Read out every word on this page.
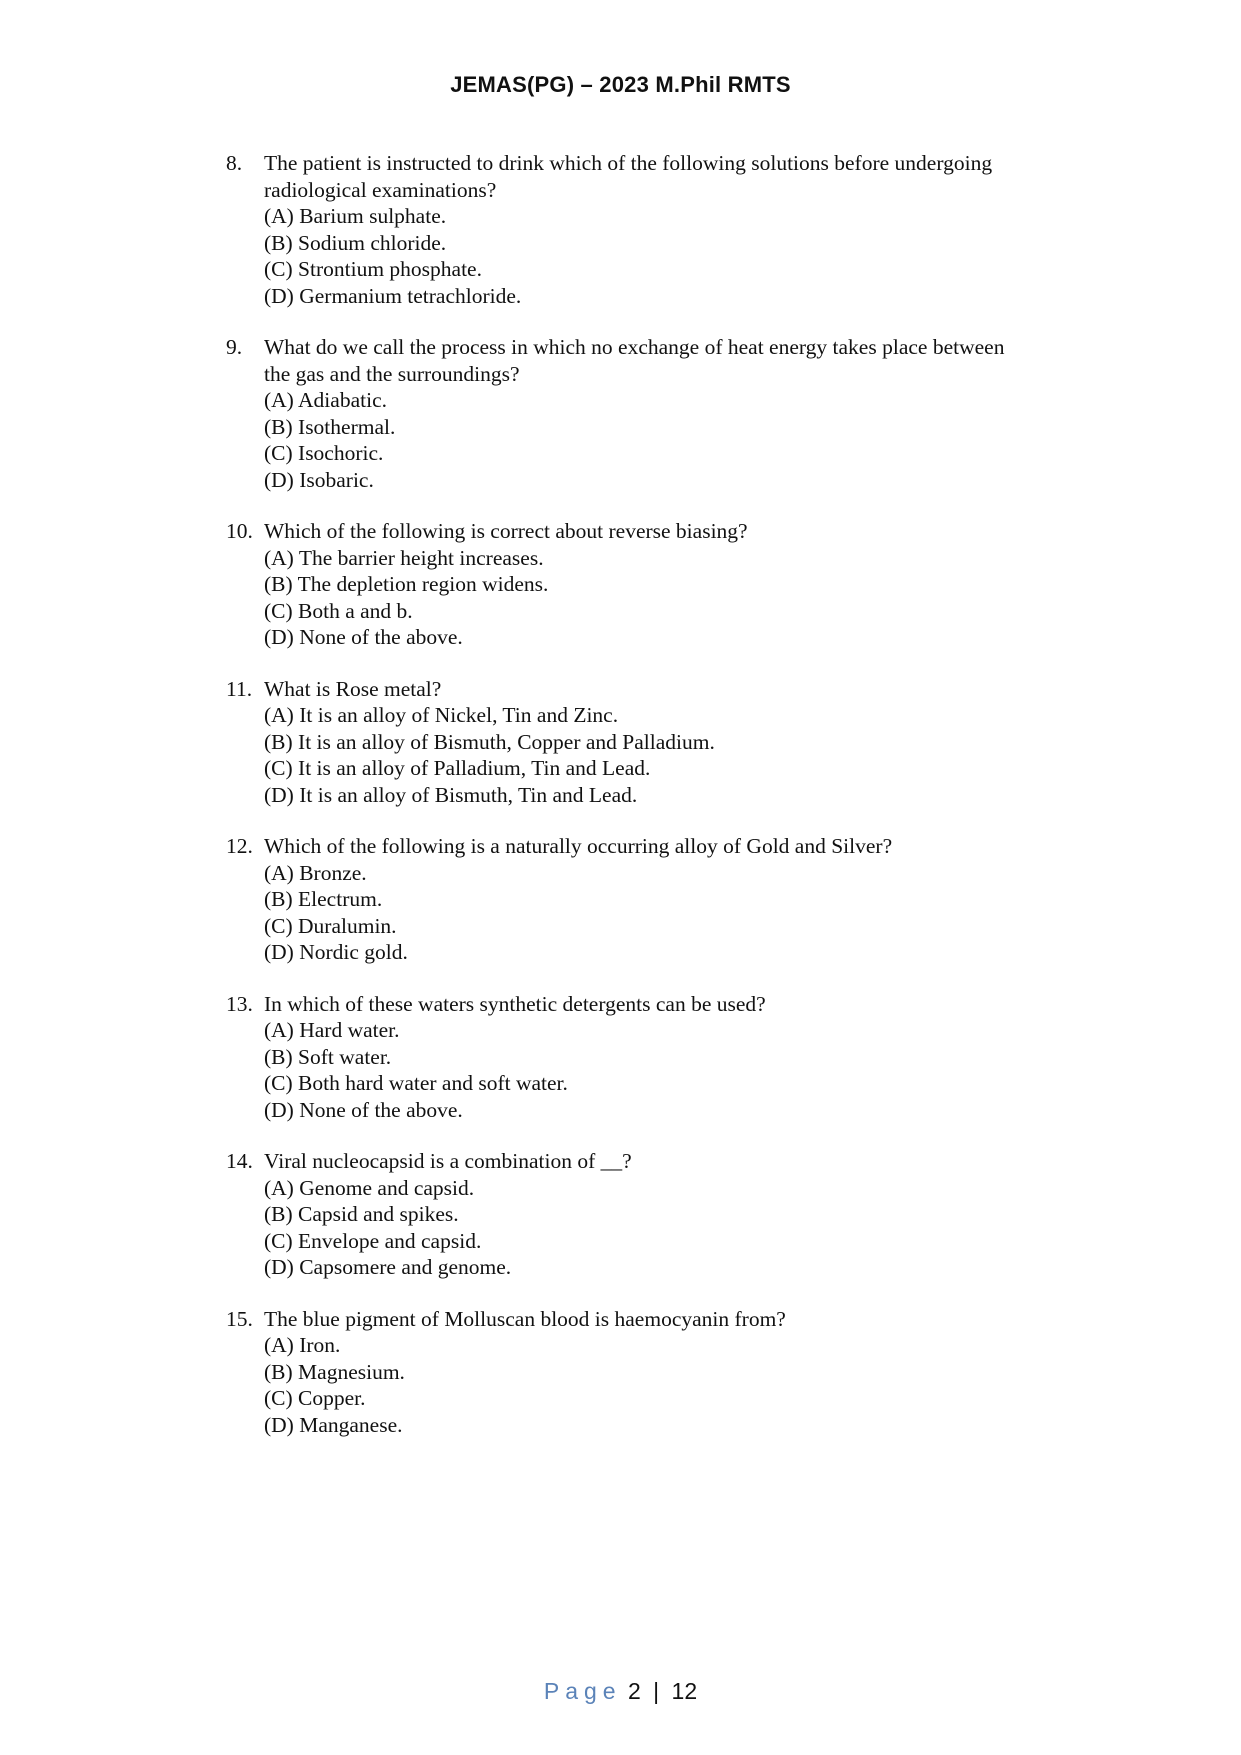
JEMAS(PG) – 2023 M.Phil RMTS
8.	The patient is instructed to drink which of the following solutions before undergoing radiological examinations?
(A) Barium sulphate.
(B) Sodium chloride.
(C) Strontium phosphate.
(D) Germanium tetrachloride.
9.	What do we call the process in which no exchange of heat energy takes place between the gas and the surroundings?
(A) Adiabatic.
(B) Isothermal.
(C) Isochoric.
(D) Isobaric.
10. Which of the following is correct about reverse biasing?
(A) The barrier height increases.
(B) The depletion region widens.
(C) Both a and b.
(D) None of the above.
11. What is Rose metal?
(A) It is an alloy of Nickel, Tin and Zinc.
(B) It is an alloy of Bismuth, Copper and Palladium.
(C) It is an alloy of Palladium, Tin and Lead.
(D) It is an alloy of Bismuth, Tin and Lead.
12. Which of the following is a naturally occurring alloy of Gold and Silver?
(A) Bronze.
(B) Electrum.
(C) Duralumin.
(D) Nordic gold.
13. In which of these waters synthetic detergents can be used?
(A) Hard water.
(B) Soft water.
(C) Both hard water and soft water.
(D) None of the above.
14. Viral nucleocapsid is a combination of __?
(A) Genome and capsid.
(B) Capsid and spikes.
(C) Envelope and capsid.
(D) Capsomere and genome.
15. The blue pigment of Molluscan blood is haemocyanin from?
(A) Iron.
(B) Magnesium.
(C) Copper.
(D) Manganese.
Page 2 | 12
